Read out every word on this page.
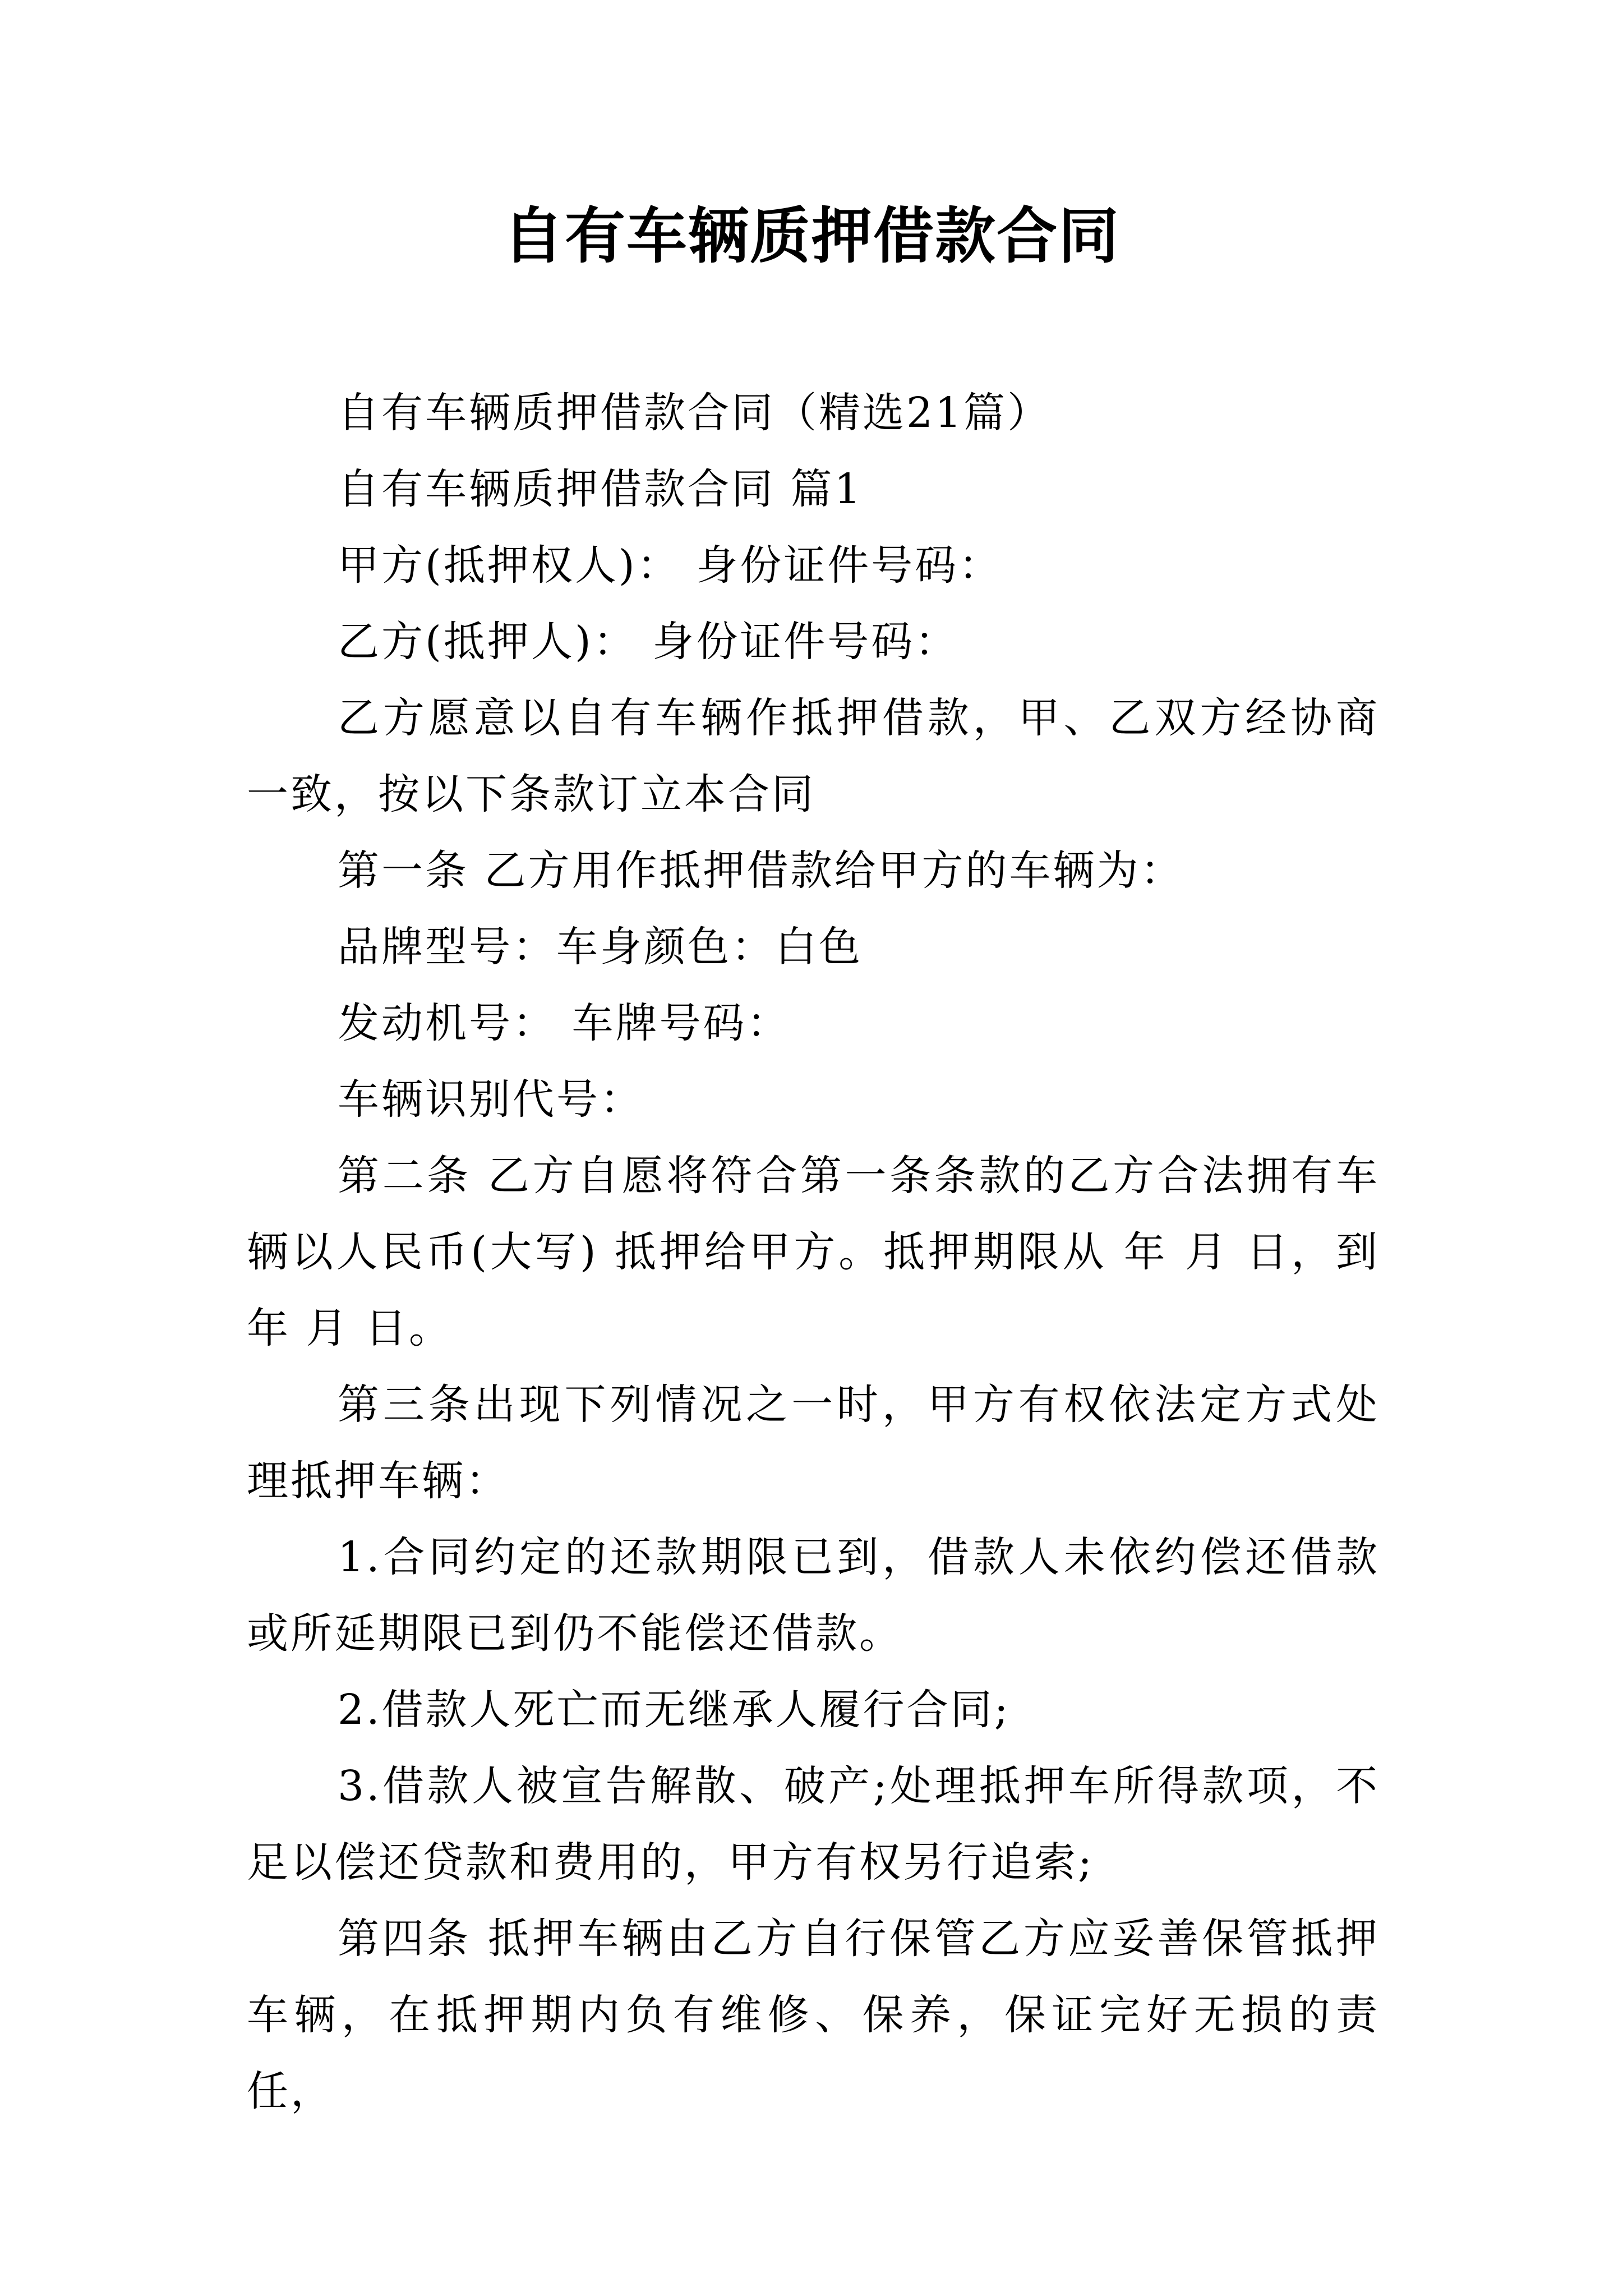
自有车辆质押借款合同

自有车辆质押借款合同（精选21篇）

自有车辆质押借款合同 篇1

甲方(抵押权人)： 身份证件号码：

乙方(抵押人)： 身份证件号码：

乙方愿意以自有车辆作抵押借款，甲、乙双方经协商一致，按以下条款订立本合同

第一条 乙方用作抵押借款给甲方的车辆为：

品牌型号：车身颜色：白色

发动机号： 车牌号码：

车辆识别代号：

第二条 乙方自愿将符合第一条条款的乙方合法拥有车辆以人民币(大写) 抵押给甲方。抵押期限从 年 月 日，到 年 月 日。

第三条出现下列情况之一时，甲方有权依法定方式处理抵押车辆：

1.合同约定的还款期限已到，借款人未依约偿还借款或所延期限已到仍不能偿还借款。

2.借款人死亡而无继承人履行合同;

3.借款人被宣告解散、破产;处理抵押车所得款项，不足以偿还贷款和费用的，甲方有权另行追索;

第四条 抵押车辆由乙方自行保管乙方应妥善保管抵押车辆，在抵押期内负有维修、保养，保证完好无损的责任，
